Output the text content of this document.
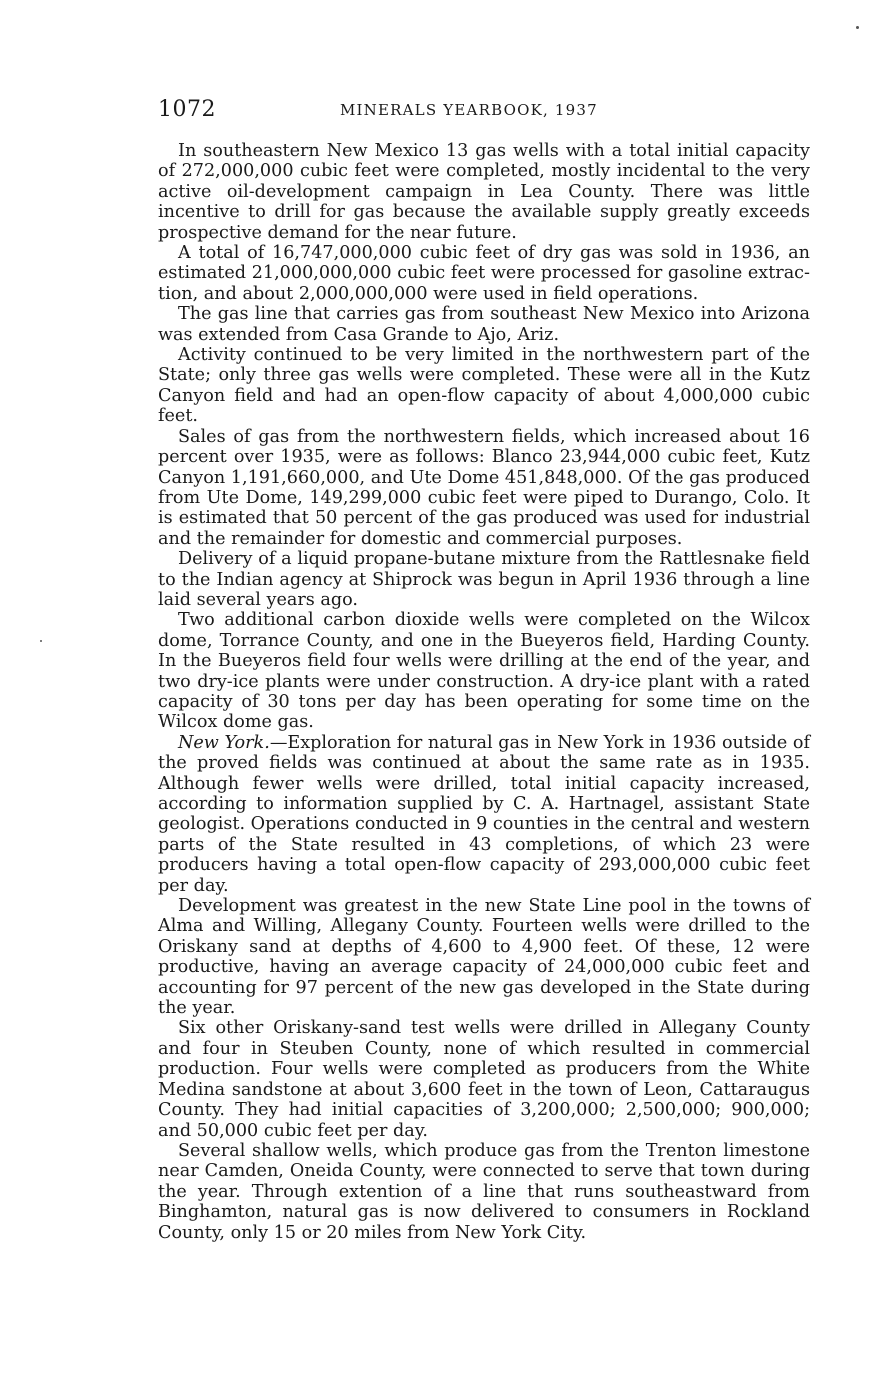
1072	MINERALS YEARBOOK, 1937

In southeastern New Mexico 13 gas wells with a total initial capacity of 272,000,000 cubic feet were completed, mostly incidental to the very active oil-development campaign in Lea County. There was little incentive to drill for gas because the available supply greatly exceeds prospective demand for the near future.

A total of 16,747,000,000 cubic feet of dry gas was sold in 1936, an estimated 21,000,000,000 cubic feet were processed for gasoline extraction, and about 2,000,000,000 were used in field operations.

The gas line that carries gas from southeast New Mexico into Arizona was extended from Casa Grande to Ajo, Ariz.

Activity continued to be very limited in the northwestern part of the State; only three gas wells were completed. These were all in the Kutz Canyon field and had an open-flow capacity of about 4,000,000 cubic feet.

Sales of gas from the northwestern fields, which increased about 16 percent over 1935, were as follows: Blanco 23,944,000 cubic feet, Kutz Canyon 1,191,660,000, and Ute Dome 451,848,000. Of the gas produced from Ute Dome, 149,299,000 cubic feet were piped to Durango, Colo. It is estimated that 50 percent of the gas produced was used for industrial and the remainder for domestic and commercial purposes.

Delivery of a liquid propane-butane mixture from the Rattlesnake field to the Indian agency at Shiprock was begun in April 1936 through a line laid several years ago.

Two additional carbon dioxide wells were completed on the Wilcox dome, Torrance County, and one in the Bueyeros field, Harding County. In the Bueyeros field four wells were drilling at the end of the year, and two dry-ice plants were under construction. A dry-ice plant with a rated capacity of 30 tons per day has been operating for some time on the Wilcox dome gas.

New York.—Exploration for natural gas in New York in 1936 outside of the proved fields was continued at about the same rate as in 1935. Although fewer wells were drilled, total initial capacity increased, according to information supplied by C. A. Hartnagel, assistant State geologist. Operations conducted in 9 counties in the central and western parts of the State resulted in 43 completions, of which 23 were producers having a total open-flow capacity of 293,000,000 cubic feet per day.

Development was greatest in the new State Line pool in the towns of Alma and Willing, Allegany County. Fourteen wells were drilled to the Oriskany sand at depths of 4,600 to 4,900 feet. Of these, 12 were productive, having an average capacity of 24,000,000 cubic feet and accounting for 97 percent of the new gas developed in the State during the year.

Six other Oriskany-sand test wells were drilled in Allegany County and four in Steuben County, none of which resulted in commercial production. Four wells were completed as producers from the White Medina sandstone at about 3,600 feet in the town of Leon, Cattaraugus County. They had initial capacities of 3,200,000; 2,500,000; 900,000; and 50,000 cubic feet per day.

Several shallow wells, which produce gas from the Trenton limestone near Camden, Oneida County, were connected to serve that town during the year. Through extention of a line that runs southeastward from Binghamton, natural gas is now delivered to consumers in Rockland County, only 15 or 20 miles from New York City.
